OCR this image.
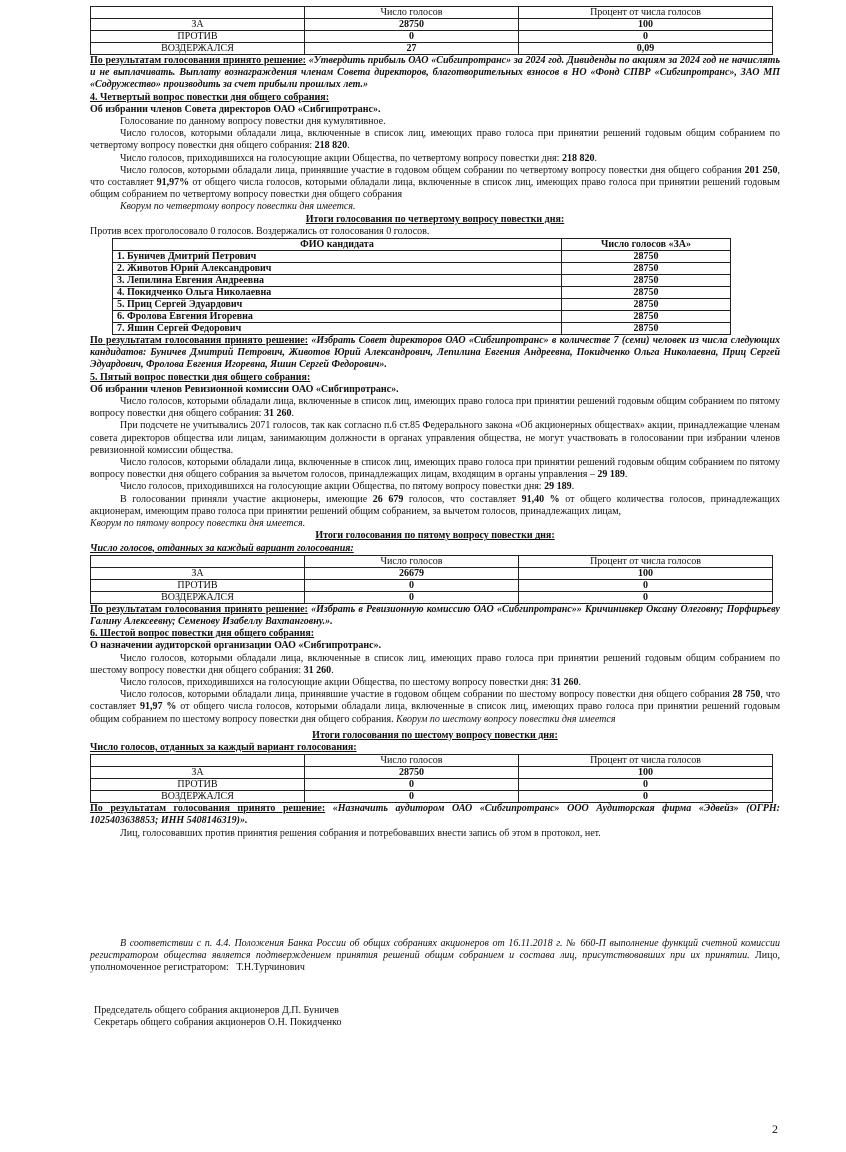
	Число голосов	Процент от числа голосов
ЗА	28750	100
ПРОТИВ	0	0
ВОЗДЕРЖАЛСЯ	27	0,09

По результатам голосования принято решение: «Утвердить прибыль ОАО «Сибгипротранс» за 2024 год. Дивиденды по акциям за 2024 год не начислять и не выплачивать. Выплату вознаграждения членам Совета директоров, благотворительных взносов в НО «Фонд СПВР «Сибгипротранс», ЗАО МП «Содружество» производить за счет прибыли прошлых лет.»

4. Четвертый вопрос повестки дня общего собрания:

Об избрании членов Совета директоров ОАО «Сибгипротранс».

Голосование по данному вопросу повестки дня кумулятивное.

Число голосов, которыми обладали лица, включенные в список лиц, имеющих право голоса при принятии решений годовым общим собранием по четвертому вопросу повестки дня общего собрания: 218 820.

Число голосов, приходившихся на голосующие акции Общества, по четвертому вопросу повестки дня: 218 820.

Число голосов, которыми обладали лица, принявшие участие в годовом общем собрании по четвертому вопросу повестки дня общего собрания 201 250, что составляет 91,97% от общего числа голосов, которыми обладали лица, включенные в список лиц, имеющих право голоса при принятии решений годовым общим собранием по четвертому вопросу повестки дня общего собрания

Кворум по четвертому вопросу повестки дня имеется.

Итоги голосования по четвертому вопросу повестки дня:

Против всех проголосовало 0 голосов. Воздержались от голосования 0 голосов.

ФИО кандидата	Число голосов «ЗА»
1. Буничев Дмитрий Петрович	28750
2. Животов Юрий Александрович	28750
3. Лепилина Евгения Андреевна	28750
4. Покидченко Ольга Николаевна	28750
5. Приц Сергей Эдуардович	28750
6. Фролова Евгения Игоревна	28750
7. Яшин Сергей Федорович	28750

По результатам голосования принято решение: «Избрать Совет директоров ОАО «Сибгипротранс» в количестве 7 (семи) человек из числа следующих кандидатов: Буничев Дмитрий Петрович, Животов Юрий Александрович, Лепилина Евгения Андреевна, Покидченко Ольга Николаевна, Приц Сергей Эдуардович, Фролова Евгения Игоревна, Яшин Сергей Федорович».

5. Пятый вопрос повестки дня общего собрания:

Об избрании членов Ревизионной комиссии ОАО «Сибгипротранс».

Число голосов, которыми обладали лица, включенные в список лиц, имеющих право голоса при принятии решений годовым общим собранием по пятому вопросу повестки дня общего собрания: 31 260.

При подсчете не учитывались 2071 голосов, так как согласно п.6 ст.85 Федерального закона «Об акционерных обществах» акции, принадлежащие членам совета директоров общества или лицам, занимающим должности в органах управления общества, не могут участвовать в голосовании при избрании членов ревизионной комиссии общества.

Число голосов, которыми обладали лица, включенные в список лиц, имеющих право голоса при принятии решений годовым общим собранием по пятому вопросу повестки дня общего собрания за вычетом голосов, принадлежащих лицам, входящим в органы управления – 29 189.

Число голосов, приходившихся на голосующие акции Общества, по пятому вопросу повестки дня: 29 189.

В голосовании приняли участие акционеры, имеющие 26 679 голосов, что составляет 91,40 % от общего количества голосов, принадлежащих акционерам, имеющим право голоса при принятии решений общим собранием, за вычетом голосов, принадлежащих лицам,

Кворум по пятому вопросу повестки дня имеется.

Итоги голосования по пятому вопросу повестки дня:

Число голосов, отданных за каждый вариант голосования:

	Число голосов	Процент от числа голосов
ЗА	26679	100
ПРОТИВ	0	0
ВОЗДЕРЖАЛСЯ	0	0

По результатам голосования принято решение: «Избрать в Ревизионную комиссию ОАО «Сибгипротранс»» Кричинивкер Оксану Олеговну; Порфирьеву Галину Алексеевну; Семенову Изабеллу Вахтанговну.».

6. Шестой вопрос повестки дня общего собрания:

О назначении аудиторской организации ОАО «Сибгипротранс».

Число голосов, которыми обладали лица, включенные в список лиц, имеющих право голоса при принятии решений годовым общим собранием по шестому вопросу повестки дня общего собрания: 31 260.

Число голосов, приходившихся на голосующие акции Общества, по шестому вопросу повестки дня: 31 260.

Число голосов, которыми обладали лица, принявшие участие в годовом общем собрании по шестому вопросу повестки дня общего собрания 28 750, что составляет 91,97 % от общего числа голосов, которыми обладали лица, включенные в список лиц, имеющих право голоса при принятии решений годовым общим собранием по шестому вопросу повестки дня общего собрания. Кворум по шестому вопросу повестки дня имеется

Итоги голосования по шестому вопросу повестки дня:

Число голосов, отданных за каждый вариант голосования:

	Число голосов	Процент от числа голосов
ЗА	28750	100
ПРОТИВ	0	0
ВОЗДЕРЖАЛСЯ	0	0

По результатам голосования принято решение: «Назначить аудитором ОАО «Сибгипротранс» ООО Аудиторская фирма «Эдвейз» (ОГРН: 1025403638853; ИНН 5408146319)».

Лиц, голосовавших против принятия решения собрания и потребовавших внести запись об этом в протокол, нет.

В соответствии с п. 4.4. Положения Банка России об общих собраниях акционеров от 16.11.2018 г. № 660-П выполнение функций счетной комиссии регистратором общества является подтверждением принятия решений общим собранием и состава лиц, присутствовавших при их принятии. Лицо, уполномоченное регистратором: Т.Н.Турчинович

Председатель общего собрания акционеров Д.П. Буничев

Секретарь общего собрания акционеров О.Н. Покидченко

2
